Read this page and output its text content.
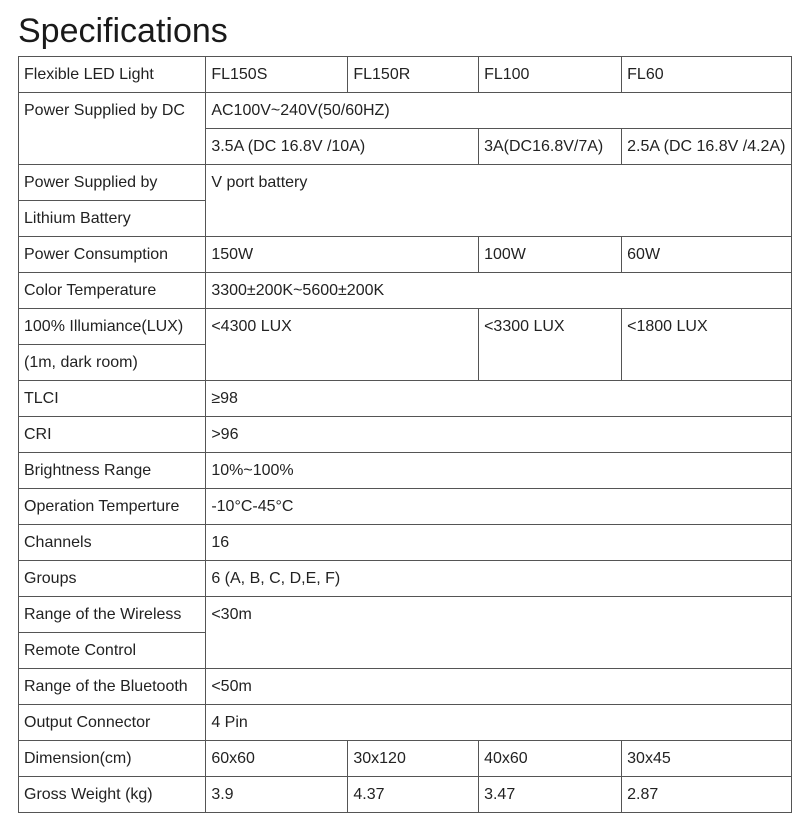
Specifications
Flexible LED Light	FL150S	FL150R	FL100	FL60
Power Supplied by DC	AC100V~240V(50/60HZ)			
	3.5A (DC 16.8V /10A)		3A(DC16.8V/7A)	2.5A (DC 16.8V /4.2A)
Power Supplied by	V port battery			
Lithium Battery				
Power Consumption	150W		100W	60W
Color Temperature	3300±200K~5600±200K			
100% Illumiance(LUX)	<4300 LUX		<3300 LUX	<1800 LUX
(1m, dark room)				
TLCI	≥98			
CRI	>96			
Brightness Range	10%~100%			
Operation Temperture	-10°C-45°C			
Channels	16			
Groups	6 (A, B, C, D,E, F)			
Range of the Wireless	<30m			
Remote Control				
Range of the Bluetooth	<50m			
Output Connector	4 Pin			
Dimension(cm)	60x60	30x120	40x60	30x45
Gross Weight (kg)	3.9	4.37	3.47	2.87
